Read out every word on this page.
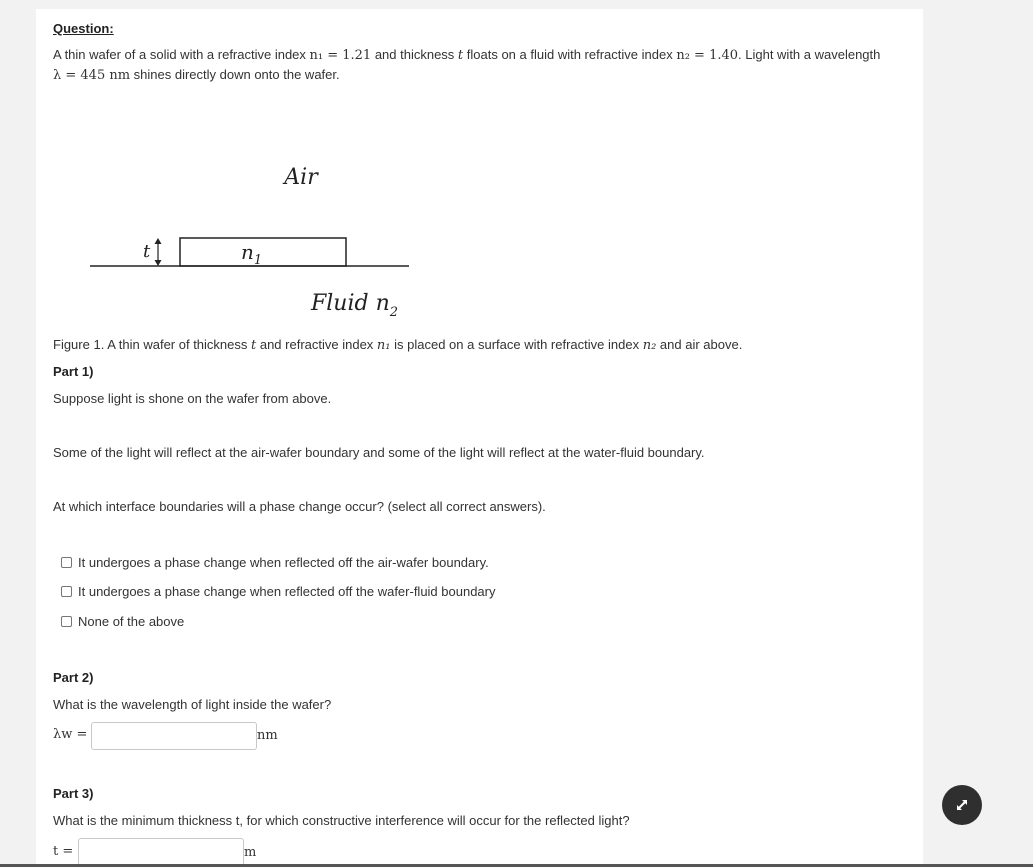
Question:
A thin wafer of a solid with a refractive index n₁ = 1.21 and thickness t floats on a fluid with refractive index n₂ = 1.40. Light with a wavelength
λ = 445 nm shines directly down onto the wafer.
Air
t	$n_1$
Fluid $n_2$
Figure 1. A thin wafer of thickness t and refractive index n₁ is placed on a surface with refractive index n₂ and air above.
Part 1)
Suppose light is shone on the wafer from above.
Some of the light will reflect at the air-wafer boundary and some of the light will reflect at the water-fluid boundary.
At which interface boundaries will a phase change occur? (select all correct answers).
It undergoes a phase change when reflected off the air-wafer boundary.
It undergoes a phase change when reflected off the wafer-fluid boundary
None of the above
Part 2)
What is the wavelength of light inside the wafer?
λw =	nm
Part 3)
What is the minimum thickness t, for which constructive interference will occur for the reflected light?
t =	m
